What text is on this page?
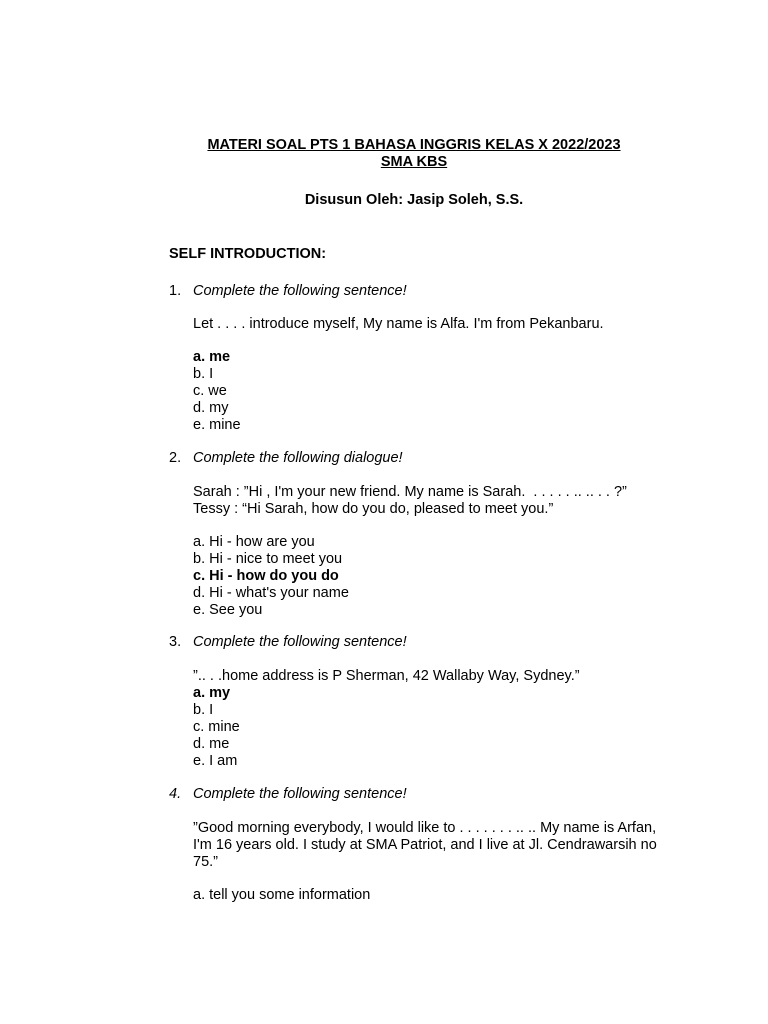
MATERI SOAL PTS 1 BAHASA INGGRIS KELAS X 2022/2023
SMA KBS
Disusun Oleh: Jasip Soleh, S.S.
SELF INTRODUCTION:
1. Complete the following sentence!
Let . . . . introduce myself, My name is Alfa. I'm from Pekanbaru.
a. me
b. I
c. we
d. my
e. mine
2. Complete the following dialogue!
Sarah : ”Hi , I'm your new friend. My name is Sarah.  . . . . . .. .. . . ?”
Tessy : “Hi Sarah, how do you do, pleased to meet you.”
a. Hi - how are you
b. Hi - nice to meet you
c. Hi - how do you do
d. Hi - what's your name
e. See you
3. Complete the following sentence!
”.. . .home address is P Sherman, 42 Wallaby Way, Sydney.”
a. my
b. I
c. mine
d. me
e. I am
4. Complete the following sentence!
”Good morning everybody, I would like to . . . . . . . .. .. My name is Arfan, I'm 16 years old. I study at SMA Patriot, and I live at Jl. Cendrawarsih no 75.”
a. tell you some information
